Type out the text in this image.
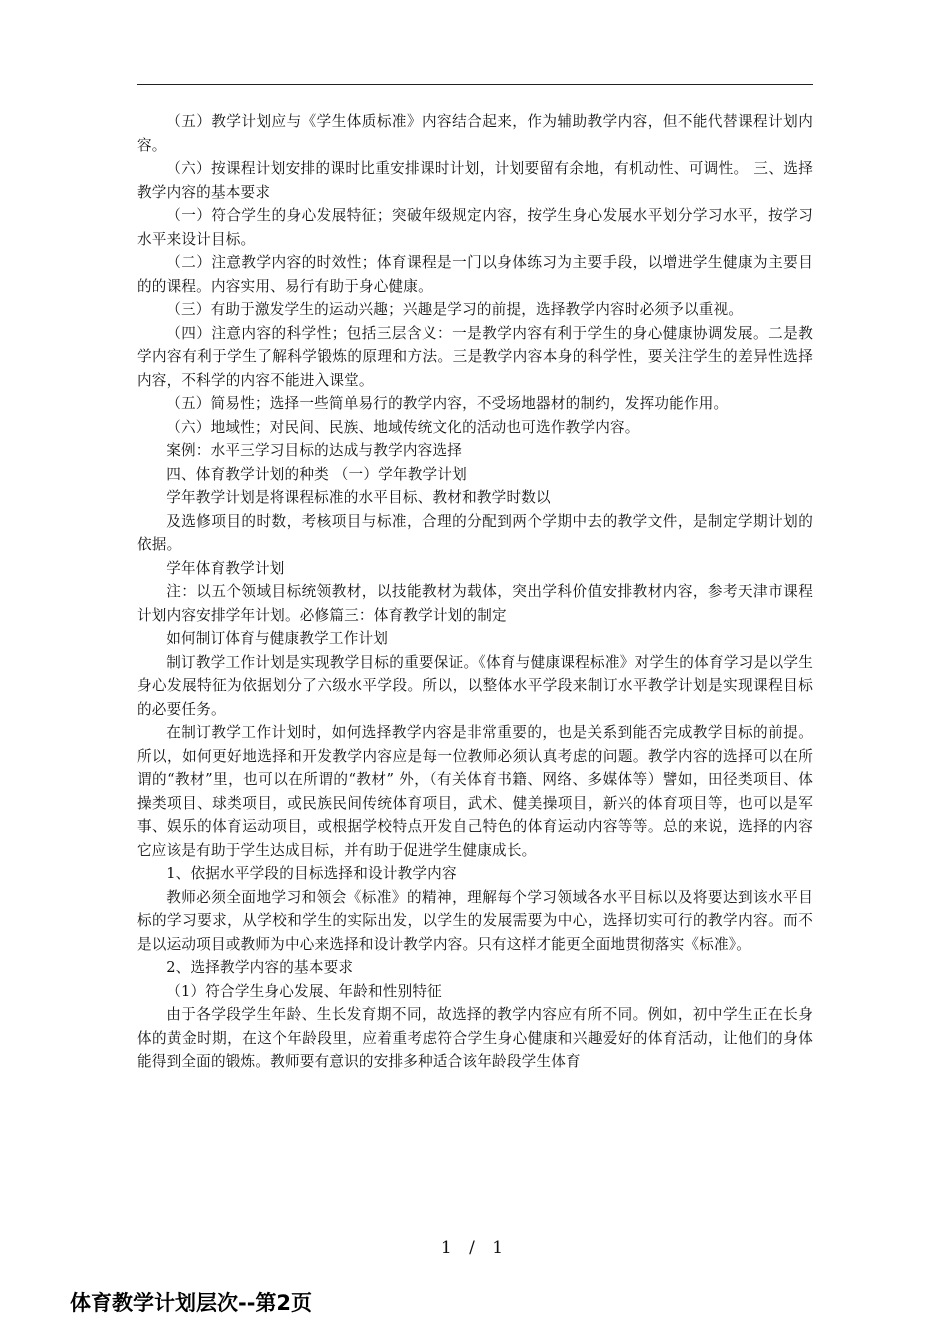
（五）教学计划应与《学生体质标准》内容结合起来，作为辅助教学内容，但不能代替课程计划内容。

（六）按课程计划安排的课时比重安排课时计划，计划要留有余地，有机动性、可调性。 三、选择教学内容的基本要求

（一）符合学生的身心发展特征；突破年级规定内容，按学生身心发展水平划分学习水平，按学习水平来设计目标。

（二）注意教学内容的时效性；体育课程是一门以身体练习为主要手段，以增进学生健康为主要目的的课程。内容实用、易行有助于身心健康。

（三）有助于激发学生的运动兴趣；兴趣是学习的前提，选择教学内容时必须予以重视。

（四）注意内容的科学性；包括三层含义：一是教学内容有利于学生的身心健康协调发展。二是教学内容有利于学生了解科学锻炼的原理和方法。三是教学内容本身的科学性，要关注学生的差异性选择内容，不科学的内容不能进入课堂。

（五）简易性；选择一些简单易行的教学内容，不受场地器材的制约，发挥功能作用。

（六）地域性；对民间、民族、地域传统文化的活动也可选作教学内容。

案例：水平三学习目标的达成与教学内容选择

四、体育教学计划的种类 （一）学年教学计划

学年教学计划是将课程标准的水平目标、教材和教学时数以

及选修项目的时数，考核项目与标准，合理的分配到两个学期中去的教学文件，是制定学期计划的依据。

学年体育教学计划

注：以五个领域目标统领教材，以技能教材为载体，突出学科价值安排教材内容，参考天津市课程计划内容安排学年计划。必修篇三：体育教学计划的制定

如何制订体育与健康教学工作计划

制订教学工作计划是实现教学目标的重要保证。《体育与健康课程标准》对学生的体育学习是以学生身心发展特征为依据划分了六级水平学段。所以，以整体水平学段来制订水平教学计划是实现课程目标的必要任务。

在制订教学工作计划时，如何选择教学内容是非常重要的，也是关系到能否完成教学目标的前提。所以，如何更好地选择和开发教学内容应是每一位教师必须认真考虑的问题。教学内容的选择可以在所谓的“教材”里，也可以在所谓的“教材” 外，（有关体育书籍、网络、多媒体等）譬如，田径类项目、体操类项目、球类项目，或民族民间传统体育项目，武术、健美操项目，新兴的体育项目等，也可以是军事、娱乐的体育运动项目，或根据学校特点开发自己特色的体育运动内容等等。总的来说，选择的内容它应该是有助于学生达成目标，并有助于促进学生健康成长。

1、依据水平学段的目标选择和设计教学内容

教师必须全面地学习和领会《标准》的精神，理解每个学习领域各水平目标以及将要达到该水平目标的学习要求，从学校和学生的实际出发，以学生的发展需要为中心，选择切实可行的教学内容。而不是以运动项目或教师为中心来选择和设计教学内容。只有这样才能更全面地贯彻落实《标准》。

2、选择教学内容的基本要求

（1）符合学生身心发展、年龄和性别特征

由于各学段学生年龄、生长发育期不同，故选择的教学内容应有所不同。例如，初中学生正在长身体的黄金时期，在这个年龄段里，应着重考虑符合学生身心健康和兴趣爱好的体育活动，让他们的身体能得到全面的锻炼。教师要有意识的安排多种适合该年龄段学生体育

1 / 1
体育教学计划层次--第2页
